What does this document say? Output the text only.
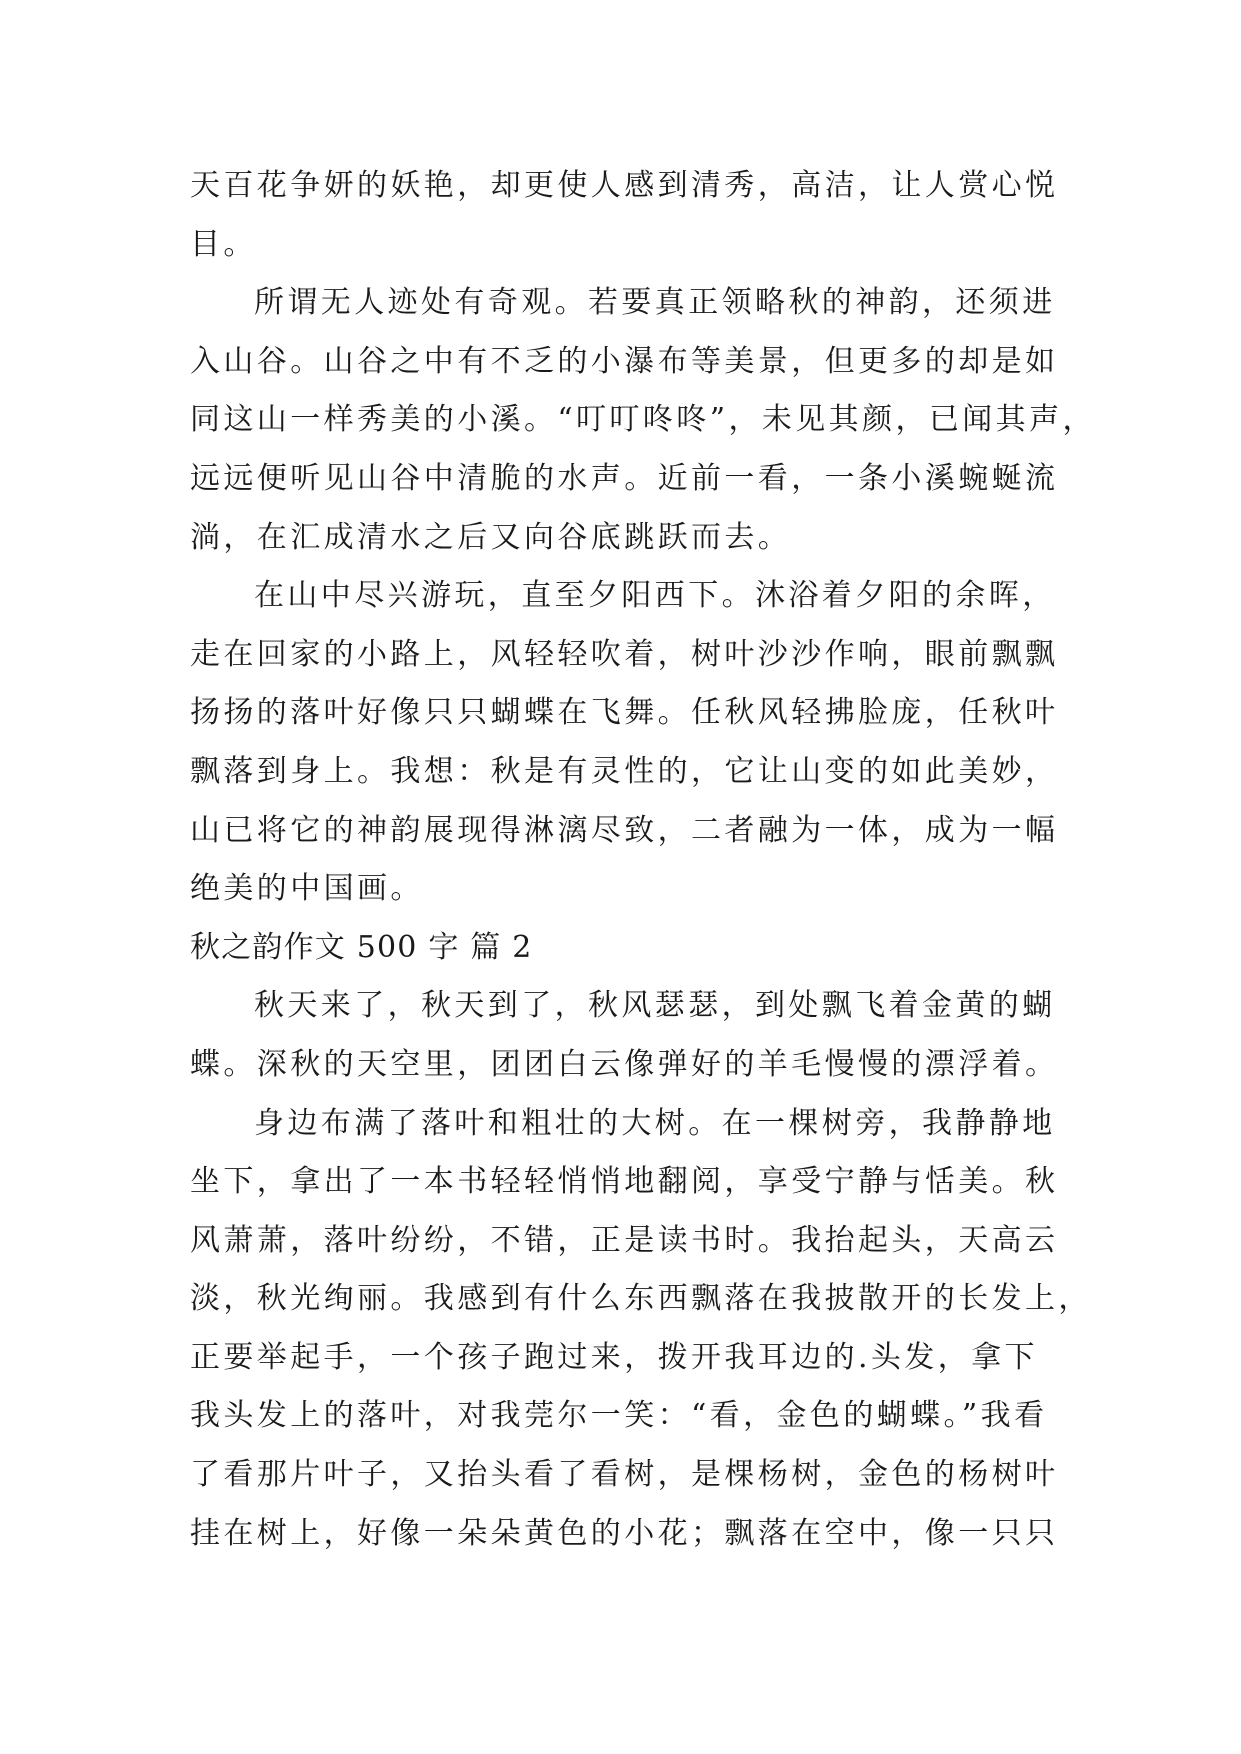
天百花争妍的妖艳，却更使人感到清秀，高洁，让人赏心悦
目。
所谓无人迹处有奇观。若要真正领略秋的神韵，还须进
入山谷。山谷之中有不乏的小瀑布等美景，但更多的却是如
同这山一样秀美的小溪。“叮叮咚咚”，未见其颜，已闻其声，
远远便听见山谷中清脆的水声。近前一看，一条小溪蜿蜒流
淌，在汇成清水之后又向谷底跳跃而去。
在山中尽兴游玩，直至夕阳西下。沐浴着夕阳的余晖，
走在回家的小路上，风轻轻吹着，树叶沙沙作响，眼前飘飘
扬扬的落叶好像只只蝴蝶在飞舞。任秋风轻拂脸庞，任秋叶
飘落到身上。我想：秋是有灵性的，它让山变的如此美妙，
山已将它的神韵展现得淋漓尽致，二者融为一体，成为一幅
绝美的中国画。
秋之韵作文 500 字 篇 2
秋天来了，秋天到了，秋风瑟瑟，到处飘飞着金黄的蝴
蝶。深秋的天空里，团团白云像弹好的羊毛慢慢的漂浮着。
身边布满了落叶和粗壮的大树。在一棵树旁，我静静地
坐下，拿出了一本书轻轻悄悄地翻阅，享受宁静与恬美。秋
风萧萧，落叶纷纷，不错，正是读书时。我抬起头，天高云
淡，秋光绚丽。我感到有什么东西飘落在我披散开的长发上，
正要举起手，一个孩子跑过来，拨开我耳边的.头发，拿下
我头发上的落叶，对我莞尔一笑：“看，金色的蝴蝶。”我看
了看那片叶子，又抬头看了看树，是棵杨树，金色的杨树叶
挂在树上，好像一朵朵黄色的小花；飘落在空中，像一只只
